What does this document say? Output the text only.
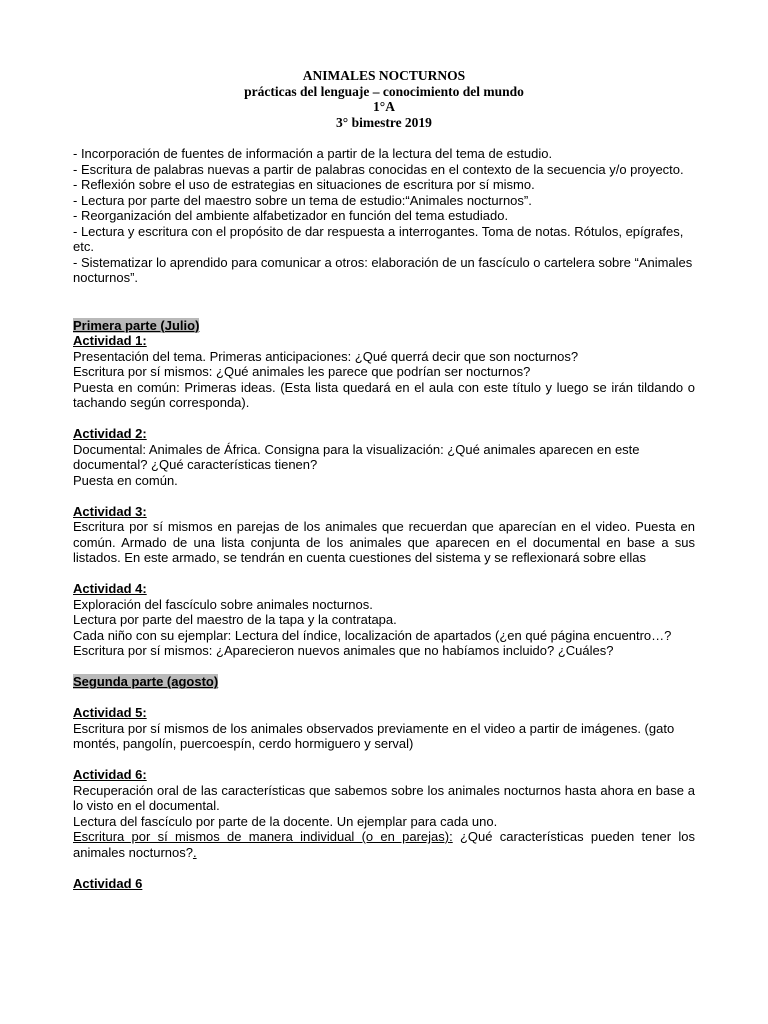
ANIMALES NOCTURNOS
prácticas del lenguaje – conocimiento del mundo
1°A
3° bimestre 2019

- Incorporación de fuentes de información a partir de la lectura del tema de estudio.

- Escritura de palabras nuevas a partir de palabras conocidas en el contexto de la secuencia y/o proyecto.

- Reflexión sobre el uso de estrategias en situaciones de escritura por sí mismo.

- Lectura por parte del maestro sobre un tema de estudio:“Animales nocturnos”.

- Reorganización del ambiente alfabetizador en función del tema estudiado.

- Lectura y escritura con el propósito de dar respuesta a interrogantes. Toma de notas. Rótulos, epígrafes, etc.

- Sistematizar lo aprendido para comunicar a otros: elaboración de un fascículo o cartelera sobre “Animales nocturnos”.

Primera parte (Julio)

Actividad 1:

Presentación del tema. Primeras anticipaciones: ¿Qué querrá decir que son nocturnos?

Escritura por sí mismos: ¿Qué animales les parece que podrían ser nocturnos?

Puesta en común: Primeras ideas. (Esta lista quedará en el aula con este título y luego se irán tildando o tachando según corresponda).

Actividad 2:

Documental: Animales de África. Consigna para la visualización: ¿Qué animales aparecen en este documental? ¿Qué características tienen?

Puesta en común.

Actividad 3:

Escritura por sí mismos en parejas de los animales que recuerdan que aparecían en el video. Puesta en común. Armado de una lista conjunta de los animales que aparecen en el documental en base a sus listados. En este armado, se tendrán en cuenta cuestiones del sistema y se reflexionará sobre ellas

Actividad 4:

Exploración del fascículo sobre animales nocturnos.

Lectura por parte del maestro de la tapa y la contratapa.

Cada niño con su ejemplar: Lectura del índice, localización de apartados (¿en qué página encuentro…?

Escritura por sí mismos: ¿Aparecieron nuevos animales que no habíamos incluido? ¿Cuáles?

Segunda parte (agosto)

Actividad 5:

Escritura por sí mismos de los animales observados previamente en el video a partir de imágenes. (gato montés, pangolín, puercoespín, cerdo hormiguero y serval)

Actividad 6:

Recuperación oral de las características que sabemos sobre los animales nocturnos hasta ahora en base a lo visto en el documental.

Lectura del fascículo por parte de la docente. Un ejemplar para cada uno.

Escritura por sí mismos de manera individual (o en parejas): ¿Qué características pueden tener los animales nocturnos?.

Actividad 6
